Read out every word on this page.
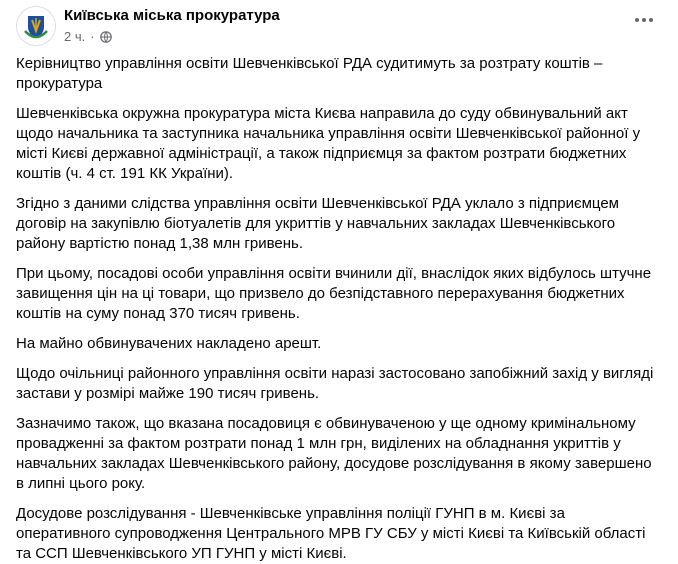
Київська міська прокуратура
2 ч. ·

Керівництво управління освіти Шевченківської РДА судитимуть за розтрату коштів – прокуратура

Шевченківська окружна прокуратура міста Києва направила до суду обвинувальний акт щодо начальника та заступника начальника управління освіти Шевченківської районної у місті Києві державної адміністрації, а також підприємця за фактом розтрати бюджетних коштів (ч. 4 ст. 191 КК України).

Згідно з даними слідства управління освіти Шевченківської РДА уклало з підприємцем договір на закупівлю біотуалетів для укриттів у навчальних закладах Шевченківського району вартістю понад 1,38 млн гривень.

При цьому, посадові особи управління освіти вчинили дії, внаслідок яких відбулось штучне завищення цін на ці товари, що призвело до безпідставного перерахування бюджетних коштів на суму понад 370 тисяч гривень.

На майно обвинувачених накладено арешт.

Щодо очільниці районного управління освіти наразі застосовано запобіжний захід у вигляді застави у розмірі майже 190 тисяч гривень.

Зазначимо також, що вказана посадовиця є обвинуваченою у ще одному кримінальному провадженні за фактом розтрати понад 1 млн грн, виділених на обладнання укриттів у навчальних закладах Шевченківського району, досудове розслідування в якому завершено в липні цього року.

Досудове розслідування - Шевченківське управління поліції ГУНП в м. Києві за оперативного супроводження Центрального МРВ ГУ СБУ у місті Києві та Київській області та ССП Шевченківського УП ГУНП у місті Києві.
